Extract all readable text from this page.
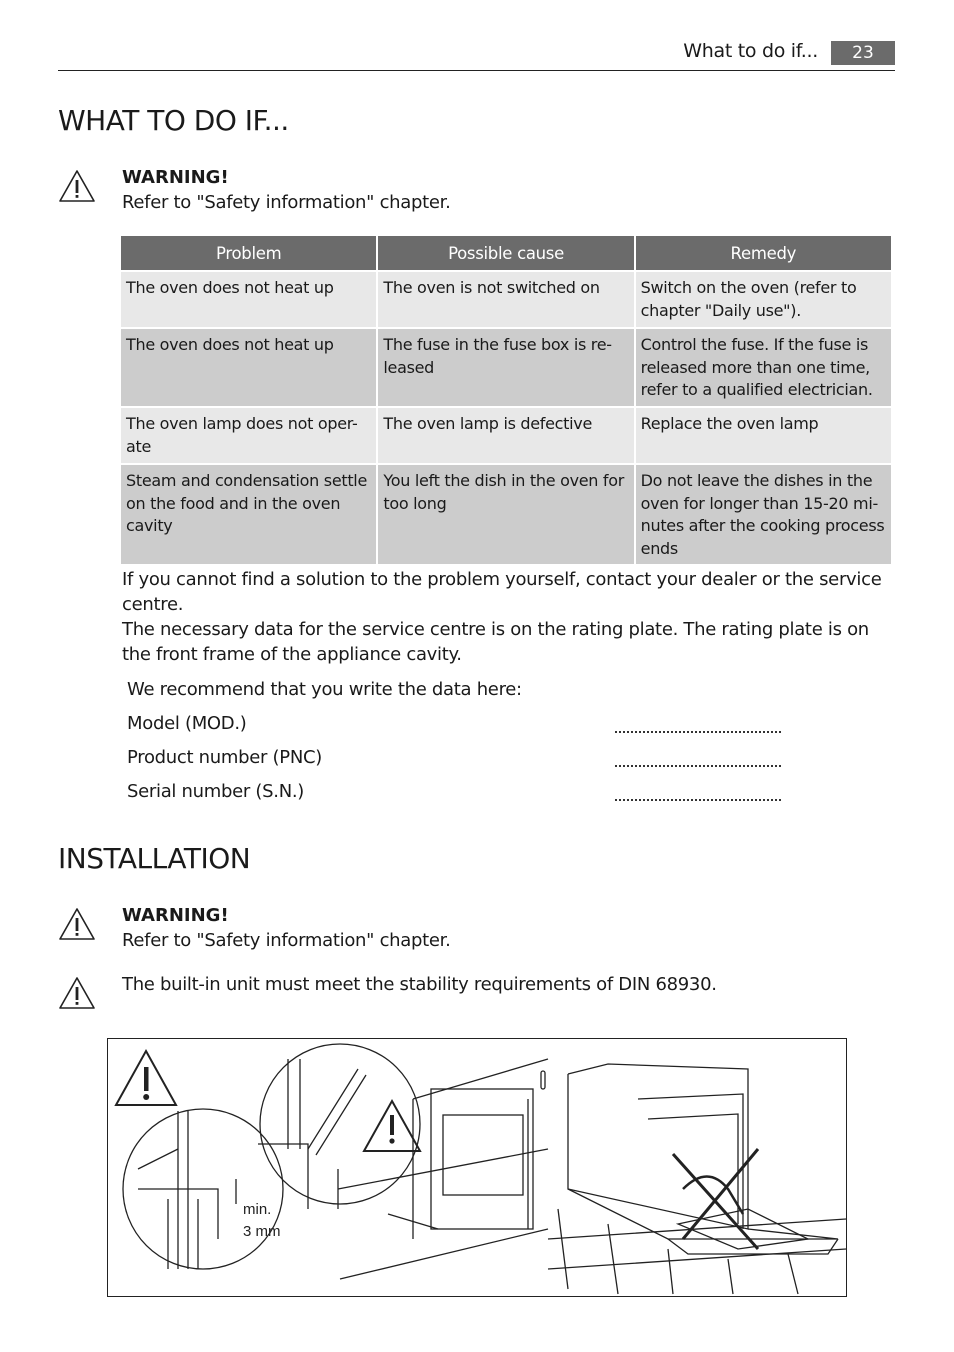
What to do if...	23
WHAT TO DO IF...
WARNING!
Refer to "Safety information" chapter.
Problem	Possible cause	Remedy
The oven does not heat up	The oven is not switched on	Switch on the oven (refer to chapter "Daily use").
The oven does not heat up	The fuse in the fuse box is re-leased	Control the fuse. If the fuse is released more than one time, refer to a qualified electrician.
The oven lamp does not oper-ate	The oven lamp is defective	Replace the oven lamp
Steam and condensation settle on the food and in the oven cavity	You left the dish in the oven for too long	Do not leave the dishes in the oven for longer than 15-20 mi-nutes after the cooking process ends
If you cannot find a solution to the problem yourself, contact your dealer or the service centre.
The necessary data for the service centre is on the rating plate. The rating plate is on the front frame of the appliance cavity.
We recommend that you write the data here:
Model (MOD.)
Product number (PNC)
Serial number (S.N.)
INSTALLATION
WARNING!
Refer to "Safety information" chapter.
The built-in unit must meet the stability requirements of DIN 68930.
min.
3 mm
